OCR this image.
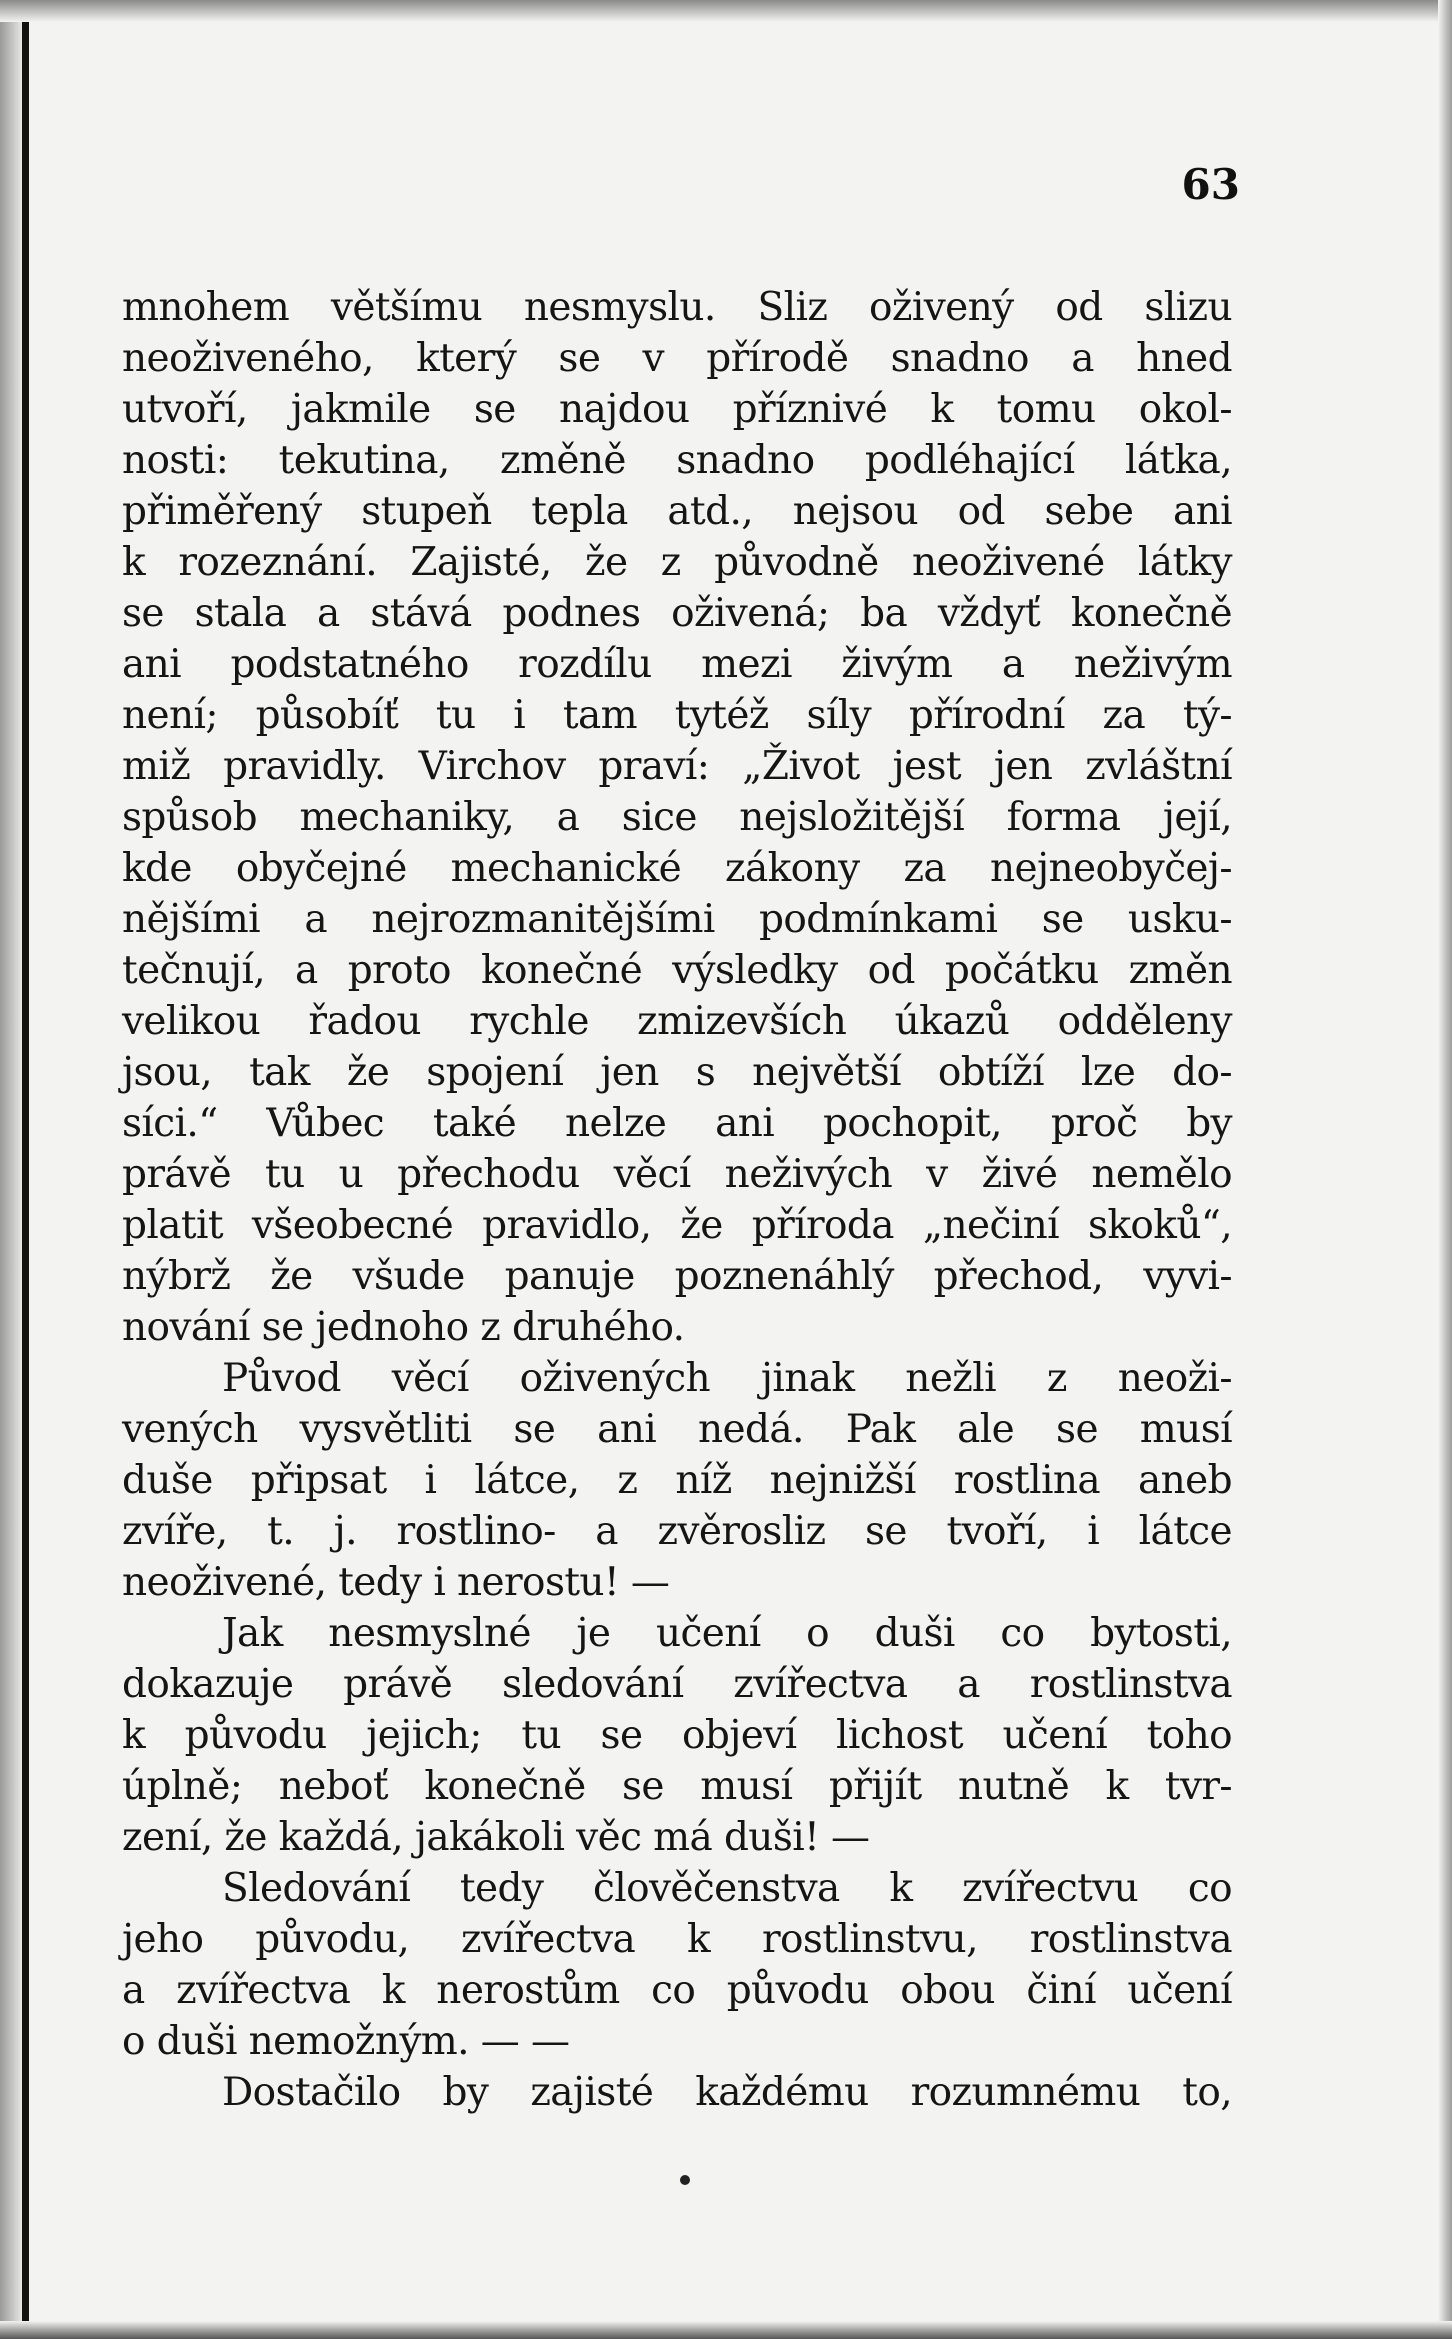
63
mnohem většímu nesmyslu. Sliz oživený od slizu
neoživeného, který se v přírodě snadno a hned
utvoří, jakmile se najdou příznivé k tomu okol-
nosti: tekutina, změně snadno podléhající látka,
přiměřený stupeň tepla atd., nejsou od sebe ani
k rozeznání. Zajisté, že z původně neoživené látky
se stala a stává podnes oživená; ba vždyť konečně
ani podstatného rozdílu mezi živým a neživým
není; působíť tu i tam tytéž síly přírodní za tý-
miž pravidly. Virchov praví: „Život jest jen zvláštní
spůsob mechaniky, a sice nejsložitější forma její,
kde obyčejné mechanické zákony za nejneobyčej-
nějšími a nejrozmanitějšími podmínkami se usku-
tečnují, a proto konečné výsledky od počátku změn
velikou řadou rychle zmizevších úkazů odděleny
jsou, tak že spojení jen s největší obtíží lze do-
síci.“ Vůbec také nelze ani pochopit, proč by
právě tu u přechodu věcí neživých v živé nemělo
platit všeobecné pravidlo, že příroda „nečiní skoků“,
nýbrž že všude panuje poznenáhlý přechod, vyvi-
nování se jednoho z druhého.
Původ věcí oživených jinak nežli z neoži-
vených vysvětliti se ani nedá. Pak ale se musí
duše připsat i látce, z níž nejnižší rostlina aneb
zvíře, t. j. rostlino- a zvěrosliz se tvoří, i látce
neoživené, tedy i nerostu! —
Jak nesmyslné je učení o duši co bytosti,
dokazuje právě sledování zvířectva a rostlinstva
k původu jejich; tu se objeví lichost učení toho
úplně; neboť konečně se musí přijít nutně k tvr-
zení, že každá, jakákoli věc má duši! —
Sledování tedy člověčenstva k zvířectvu co
jeho původu, zvířectva k rostlinstvu, rostlinstva
a zvířectva k nerostům co původu obou činí učení
o duši nemožným. — —
Dostačilo by zajisté každému rozumnému to,
